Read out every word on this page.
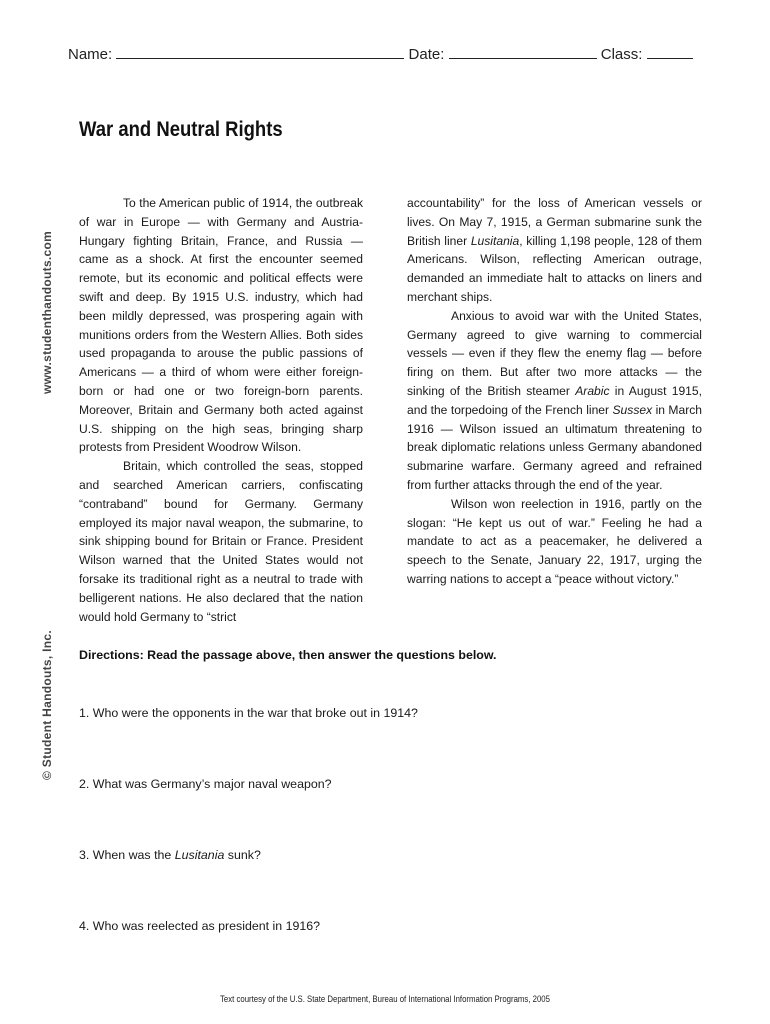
Name:	Date:	Class:
www.studenthandouts.com
© Student Handouts, Inc.
War and Neutral Rights

To the American public of 1914, the outbreak of war in Europe — with Germany and Austria-Hungary fighting Britain, France, and Russia — came as a shock. At first the encounter seemed remote, but its economic and political effects were swift and deep. By 1915 U.S. industry, which had been mildly depressed, was prospering again with munitions orders from the Western Allies. Both sides used propaganda to arouse the public passions of Americans — a third of whom were either foreign-born or had one or two foreign-born parents. Moreover, Britain and Germany both acted against U.S. shipping on the high seas, bringing sharp protests from President Woodrow Wilson.

Britain, which controlled the seas, stopped and searched American carriers, confiscating “contraband” bound for Germany. Germany employed its major naval weapon, the submarine, to sink shipping bound for Britain or France. President Wilson warned that the United States would not forsake its traditional right as a neutral to trade with belligerent nations. He also declared that the nation would hold Germany to “strict

accountability” for the loss of American vessels or lives. On May 7, 1915, a German submarine sunk the British liner Lusitania, killing 1,198 people, 128 of them Americans. Wilson, reflecting American outrage, demanded an immediate halt to attacks on liners and merchant ships.

Anxious to avoid war with the United States, Germany agreed to give warning to commercial vessels — even if they flew the enemy flag — before firing on them. But after two more attacks — the sinking of the British steamer Arabic in August 1915, and the torpedoing of the French liner Sussex in March 1916 — Wilson issued an ultimatum threatening to break diplomatic relations unless Germany abandoned submarine warfare. Germany agreed and refrained from further attacks through the end of the year.

Wilson won reelection in 1916, partly on the slogan: “He kept us out of war.” Feeling he had a mandate to act as a peacemaker, he delivered a speech to the Senate, January 22, 1917, urging the warring nations to accept a “peace without victory.”

Directions: Read the passage above, then answer the questions below.
1. Who were the opponents in the war that broke out in 1914?
2. What was Germany’s major naval weapon?
3. When was the Lusitania sunk?
4. Who was reelected as president in 1916?
Text courtesy of the U.S. State Department, Bureau of International Information Programs, 2005
